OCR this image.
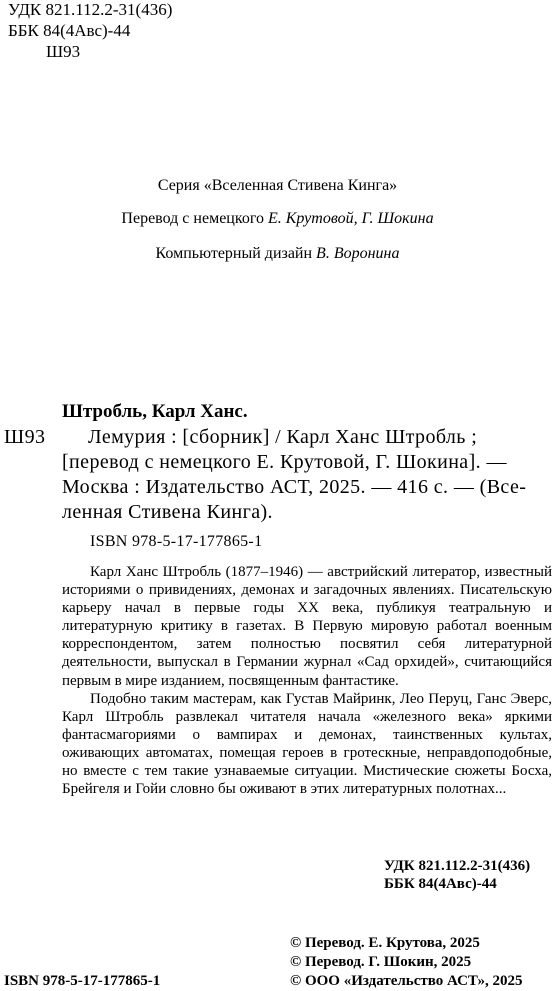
УДК 821.112.2-31(436)
ББК 84(4Авс)-44
Ш93
Серия «Вселенная Стивена Кинга»
Перевод с немецкого Е. Крутовой, Г. Шокина
Компьютерный дизайн В. Воронина
Штробль, Карл Ханс.
Ш93 Лемурия : [сборник] / Карл Ханс Штробль ;
[перевод с немецкого Е. Крутовой, Г. Шокина]. —
Москва : Издательство АСТ, 2025. — 416 с. — (Все-
ленная Стивена Кинга).
ISBN 978-5-17-177865-1

Карл Ханс Штробль (1877–1946) — австрийский литератор, известный историями о привидениях, демонах и загадочных явлениях. Писательскую карьеру начал в первые годы XX века, публикуя театральную и литературную критику в газетах. В Первую мировую работал военным корреспондентом, затем полностью посвятил себя литературной деятельности, выпускал в Германии журнал «Сад орхидей», считающийся первым в мире изданием, посвященным фантастике.

Подобно таким мастерам, как Густав Майринк, Лео Перуц, Ганс Эверс, Карл Штробль развлекал читателя начала «железного века» яркими фантасмагориями о вампирах и демонах, таинственных культах, оживающих автоматах, помещая героев в гротескные, неправдоподобные, но вместе с тем такие узнаваемые ситуации. Мистические сюжеты Босха, Брейгеля и Гойи словно бы оживают в этих литературных полотнах...

УДК 821.112.2-31(436)
ББК 84(4Авс)-44
© Перевод. Е. Крутова, 2025
© Перевод. Г. Шокин, 2025
© ООО «Издательство АСТ», 2025
ISBN 978-5-17-177865-1
